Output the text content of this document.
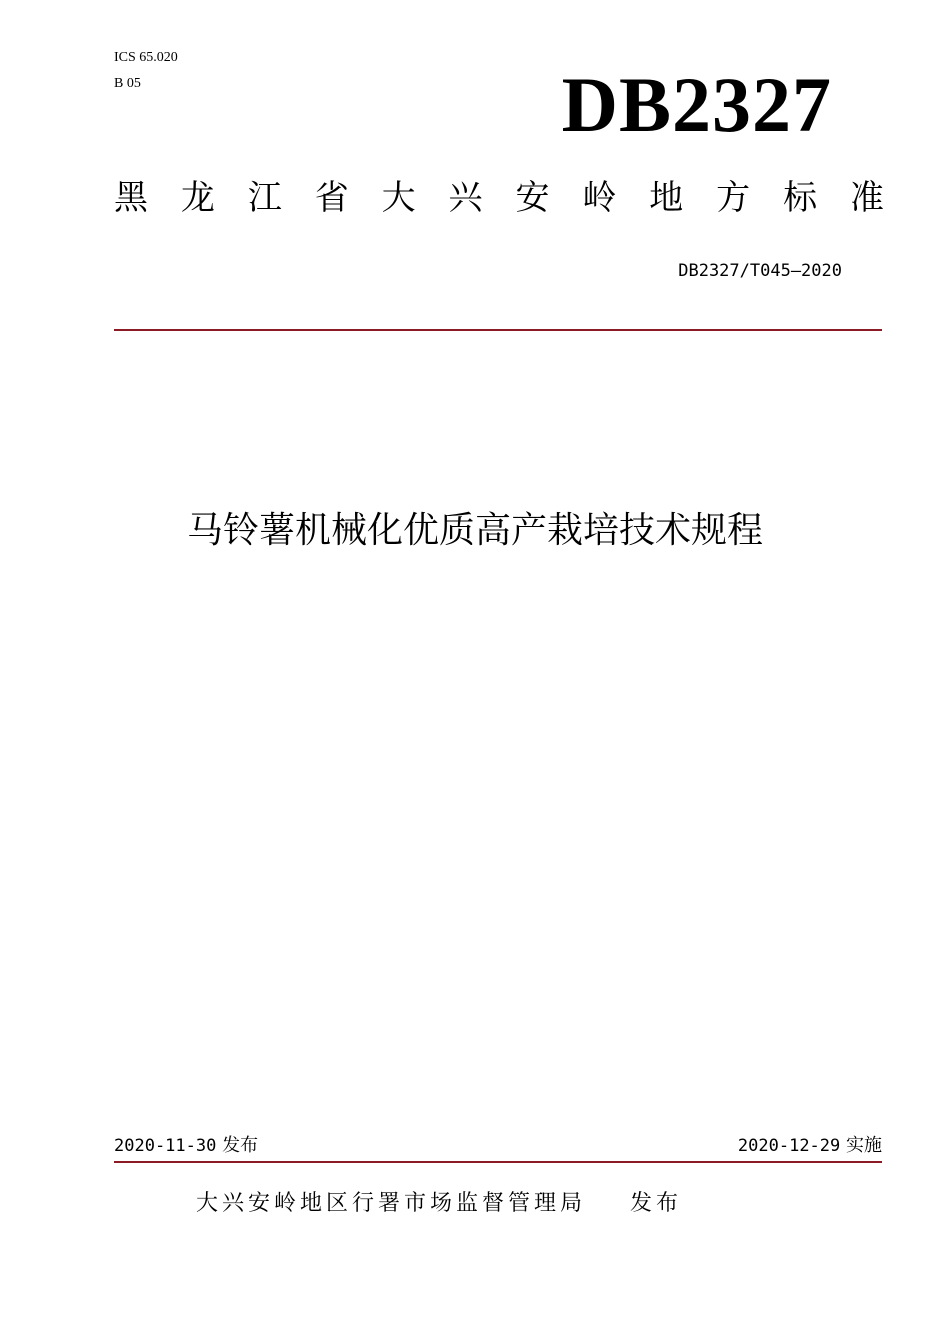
ICS 65.020
B 05	DB2327
黑 龙 江 省 大 兴 安 岭 地 方 标 准
DB2327/T045—2020
马铃薯机械化优质高产栽培技术规程
2020-11-30 发布	2020-12-29 实施
大兴安岭地区行署市场监督管理局 发布
